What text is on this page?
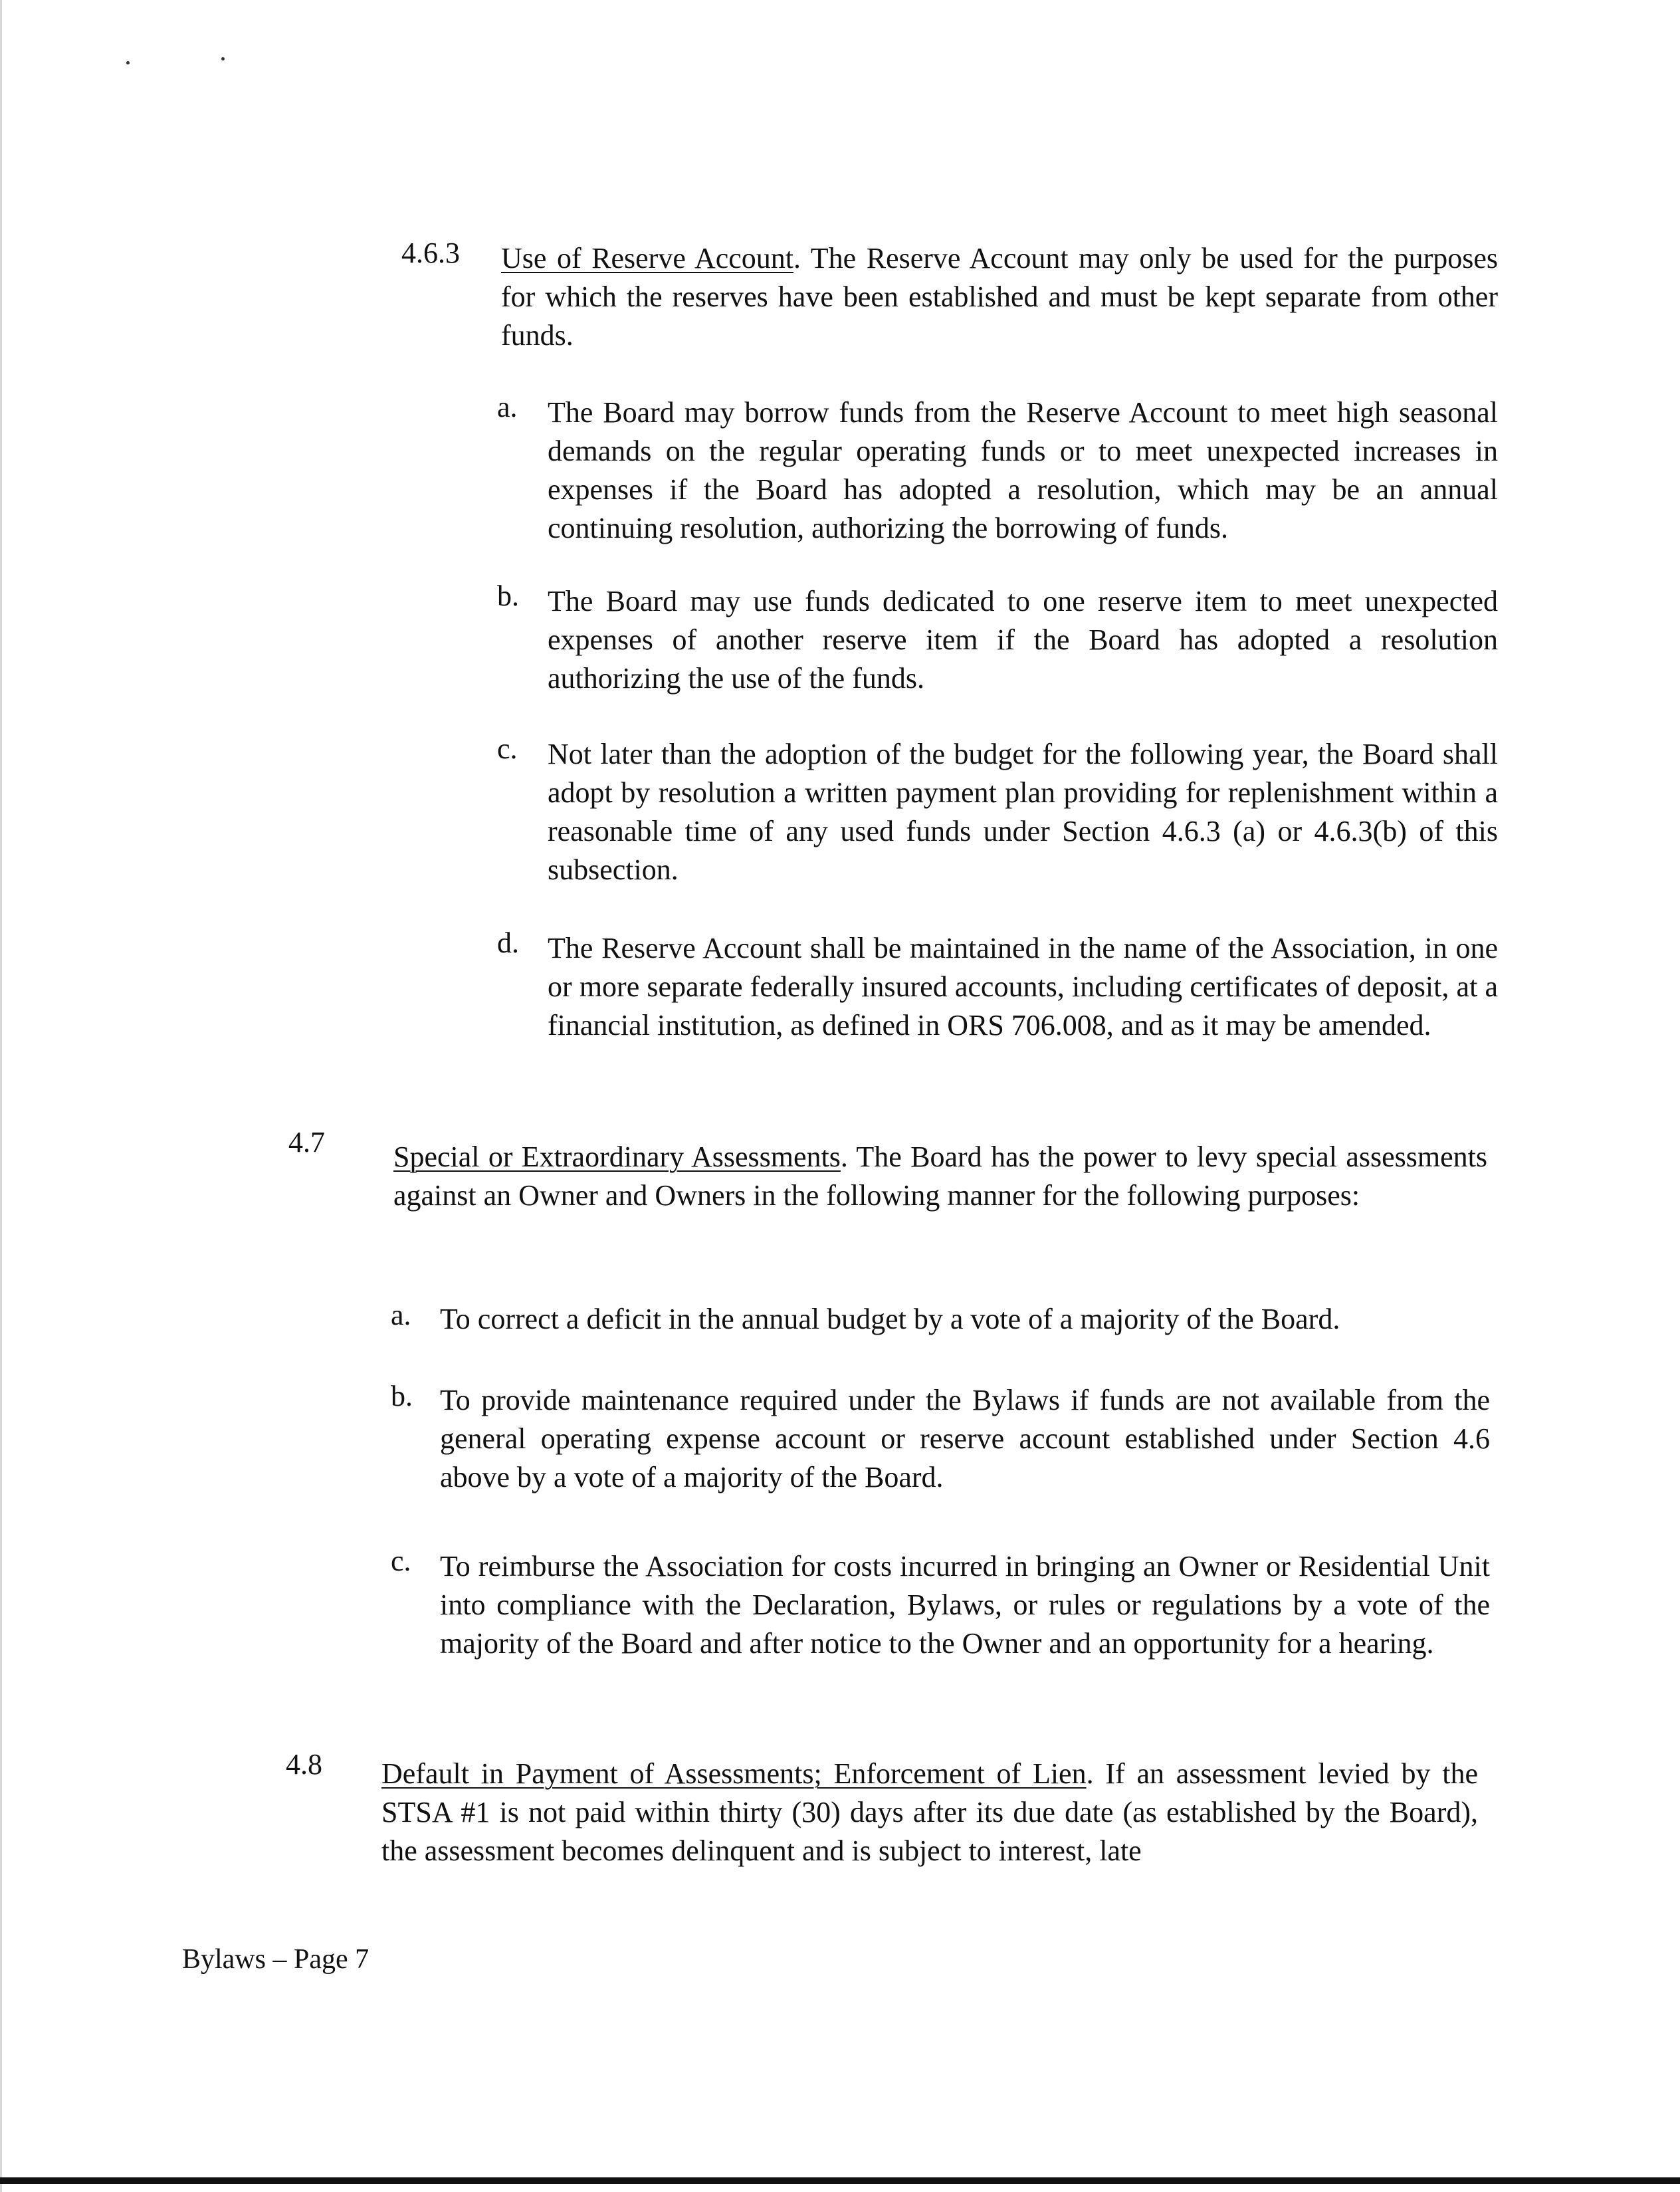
4.6.3 Use of Reserve Account. The Reserve Account may only be used for the purposes for which the reserves have been established and must be kept separate from other funds.
a. The Board may borrow funds from the Reserve Account to meet high seasonal demands on the regular operating funds or to meet unexpected increases in expenses if the Board has adopted a resolution, which may be an annual continuing resolution, authorizing the borrowing of funds.
b. The Board may use funds dedicated to one reserve item to meet unexpected expenses of another reserve item if the Board has adopted a resolution authorizing the use of the funds.
c. Not later than the adoption of the budget for the following year, the Board shall adopt by resolution a written payment plan providing for replenishment within a reasonable time of any used funds under Section 4.6.3 (a) or 4.6.3(b) of this subsection.
d. The Reserve Account shall be maintained in the name of the Association, in one or more separate federally insured accounts, including certificates of deposit, at a financial institution, as defined in ORS 706.008, and as it may be amended.
4.7 Special or Extraordinary Assessments. The Board has the power to levy special assessments against an Owner and Owners in the following manner for the following purposes:
a. To correct a deficit in the annual budget by a vote of a majority of the Board.
b. To provide maintenance required under the Bylaws if funds are not available from the general operating expense account or reserve account established under Section 4.6 above by a vote of a majority of the Board.
c. To reimburse the Association for costs incurred in bringing an Owner or Residential Unit into compliance with the Declaration, Bylaws, or rules or regulations by a vote of the majority of the Board and after notice to the Owner and an opportunity for a hearing.
4.8 Default in Payment of Assessments; Enforcement of Lien. If an assessment levied by the STSA #1 is not paid within thirty (30) days after its due date (as established by the Board), the assessment becomes delinquent and is subject to interest, late
Bylaws – Page 7
